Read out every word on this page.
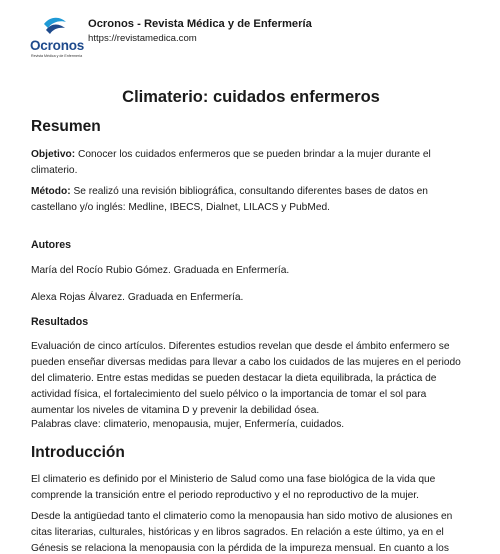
Ocronos
Revista Médica y de Enfermería
Ocronos - Revista Médica y de Enfermería
https://revistamedica.com
Climaterio: cuidados enfermeros
Resumen

Objetivo: Conocer los cuidados enfermeros que se pueden brindar a la mujer durante el climaterio.

Método: Se realizó una revisión bibliográfica, consultando diferentes bases de datos en castellano y/o inglés: Medline, IBECS, Dialnet, LILACS y PubMed.

Autores

María del Rocío Rubio Gómez. Graduada en Enfermería.

Alexa Rojas Álvarez. Graduada en Enfermería.

Resultados

Evaluación de cinco artículos. Diferentes estudios revelan que desde el ámbito enfermero se pueden enseñar diversas medidas para llevar a cabo los cuidados de las mujeres en el periodo del climaterio. Entre estas medidas se pueden destacar la dieta equilibrada, la práctica de actividad física, el fortalecimiento del suelo pélvico o la importancia de tomar el sol para aumentar los niveles de vitamina D y prevenir la debilidad ósea.

Palabras clave: climaterio, menopausia, mujer, Enfermería, cuidados.

Introducción

El climaterio es definido por el Ministerio de Salud como una fase biológica de la vida que comprende la transición entre el periodo reproductivo y el no reproductivo de la mujer.

Desde la antigüedad tanto el climaterio como la menopausia han sido motivo de alusiones en citas literarias, culturales, históricas y en libros sagrados. En relación a este último, ya en el Génesis se relaciona la menopausia con la pérdida de la impureza mensual. En cuanto a los
